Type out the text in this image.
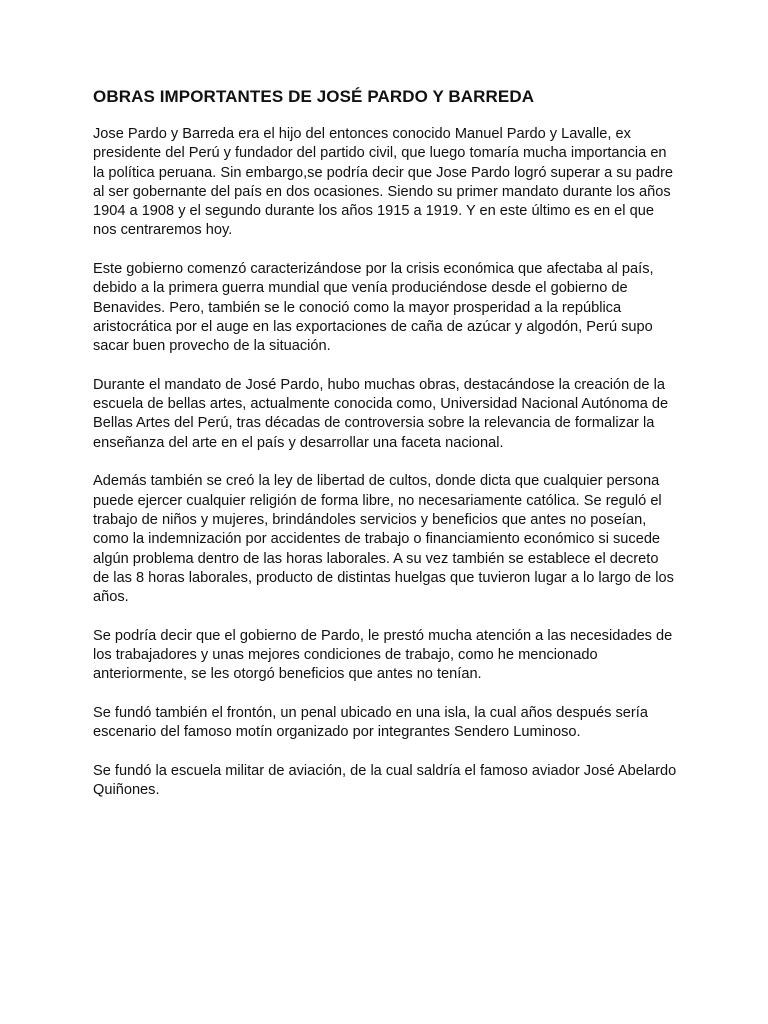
OBRAS IMPORTANTES DE JOSÉ PARDO Y BARREDA

Jose Pardo y Barreda era el hijo del entonces conocido Manuel Pardo y Lavalle, ex presidente del Perú y fundador del partido civil, que luego tomaría mucha importancia en la política peruana. Sin embargo,se podría decir que Jose Pardo logró superar a su padre al ser gobernante del país en dos ocasiones. Siendo su primer mandato durante los años 1904 a 1908 y el segundo durante los años 1915 a 1919. Y en este último es en el que nos centraremos hoy.

Este gobierno comenzó caracterizándose por la crisis económica que afectaba al país, debido a la primera guerra mundial que venía produciéndose desde el gobierno de Benavides. Pero, también se le conoció como la mayor prosperidad a la república aristocrática por el auge en las exportaciones de caña de azúcar y algodón, Perú supo sacar buen provecho de la situación.

Durante el mandato de José Pardo, hubo muchas obras, destacándose la creación de la escuela de bellas artes, actualmente conocida como, Universidad Nacional Autónoma de Bellas Artes del Perú, tras décadas de controversia sobre la relevancia de formalizar la enseñanza del arte en el país y desarrollar una faceta nacional.

Además también se creó la ley de libertad de cultos, donde dicta que cualquier persona puede ejercer cualquier religión de forma libre, no necesariamente católica. Se reguló el trabajo de niños y mujeres, brindándoles servicios y beneficios que antes no poseían, como la indemnización por accidentes de trabajo o financiamiento económico si sucede algún problema dentro de las horas laborales. A su vez también se establece el decreto de las 8 horas laborales, producto de distintas huelgas que tuvieron lugar a lo largo de los años.

Se podría decir que el gobierno de Pardo, le prestó mucha atención a las necesidades de los trabajadores y unas mejores condiciones de trabajo, como he mencionado anteriormente, se les otorgó beneficios que antes no tenían.

Se fundó también el frontón, un penal ubicado en una isla, la cual años después sería escenario del famoso motín organizado por integrantes Sendero Luminoso.

Se fundó la escuela militar de aviación, de la cual saldría el famoso aviador José Abelardo Quiñones.
